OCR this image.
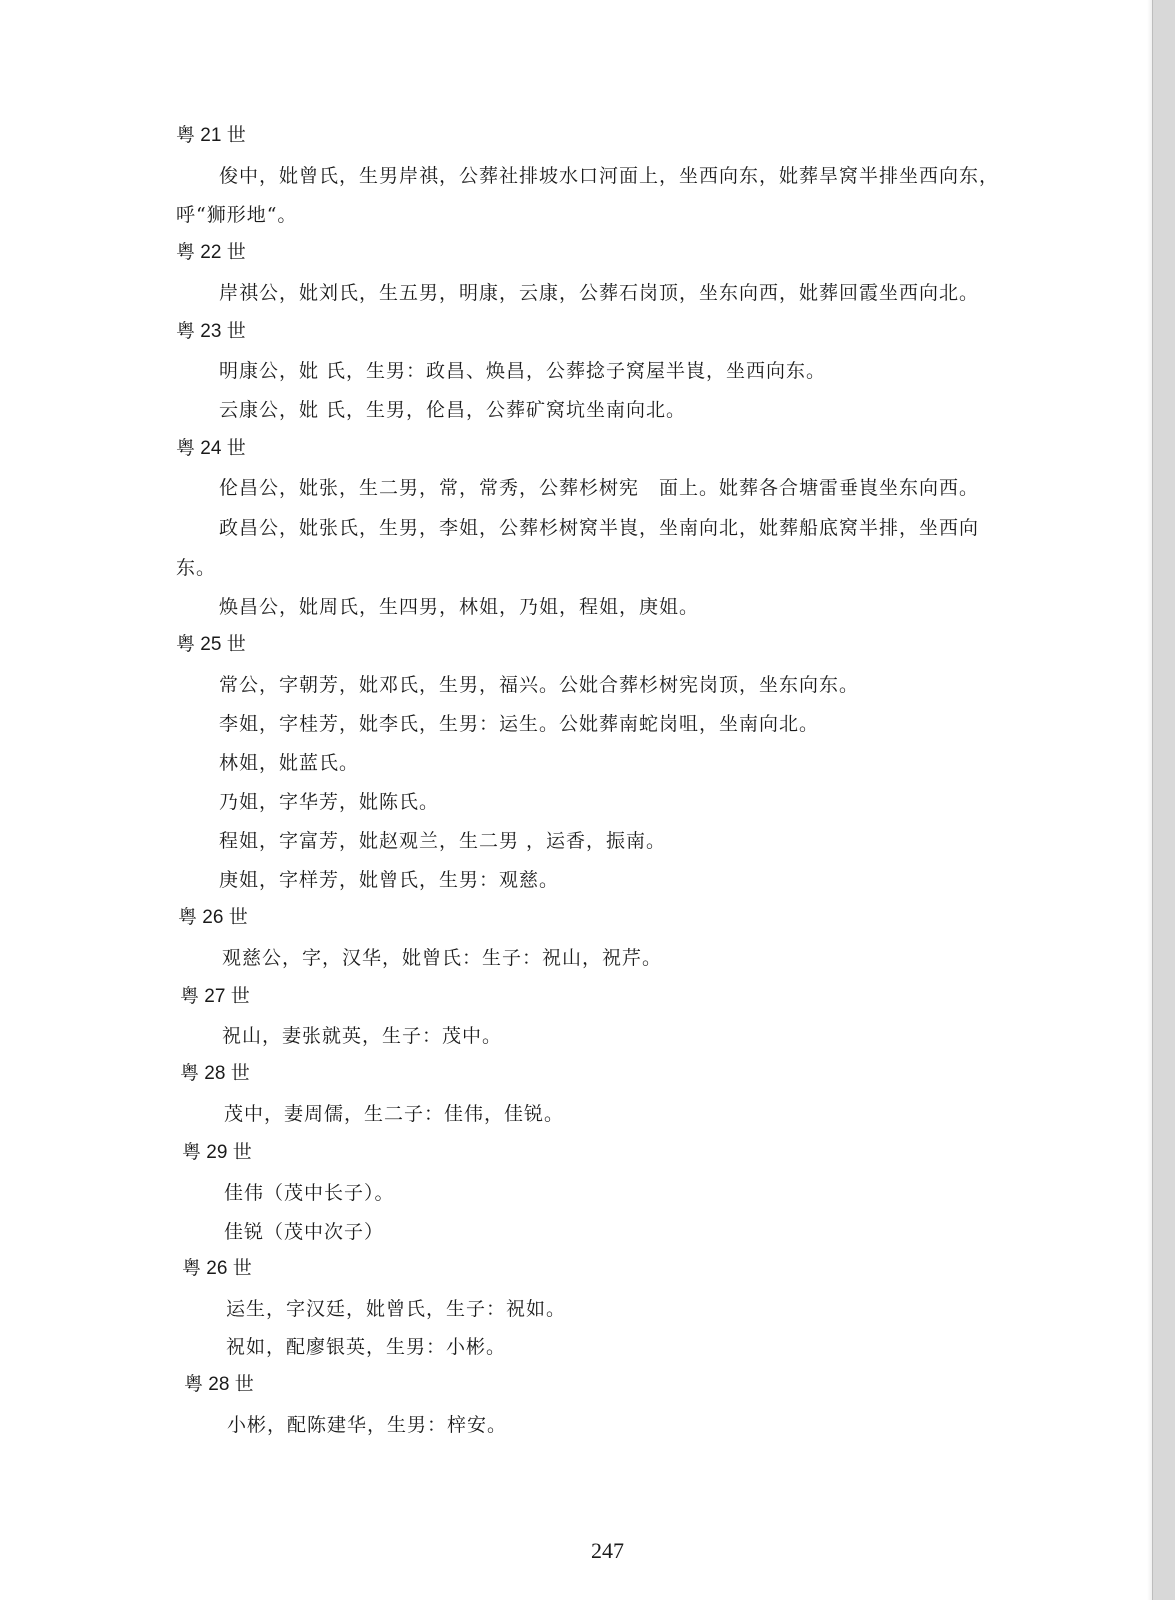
粤 21 世
俊中，妣曾氏，生男岸祺，公葬社排坡水口河面上，坐西向东，妣葬旱窝半排坐西向东，
呼“狮形地“。
粤 22 世
岸祺公，妣刘氏，生五男，明康，云康，公葬石岗顶，坐东向西，妣葬回霞坐西向北。
粤 23 世
明康公，妣 氏，生男：政昌、焕昌，公葬捻子窝屋半崀，坐西向东。
云康公，妣 氏，生男，伦昌，公葬矿窝坑坐南向北。
粤 24 世
伦昌公，妣张，生二男，常，常秀，公葬杉树宪　面上。妣葬各合塘雷垂崀坐东向西。
政昌公，妣张氏，生男，李姐，公葬杉树窝半崀，坐南向北，妣葬船底窝半排，坐西向
东。
焕昌公，妣周氏，生四男，林姐，乃姐，程姐，庚姐。
粤 25 世
常公，字朝芳，妣邓氏，生男，福兴。公妣合葬杉树宪岗顶，坐东向东。
李姐，字桂芳，妣李氏，生男：运生。公妣葬南蛇岗咀，坐南向北。
林姐，妣蓝氏。
乃姐，字华芳，妣陈氏。
程姐，字富芳，妣赵观兰，生二男 ，运香，振南。
庚姐，字样芳，妣曾氏，生男：观慈。
粤 26 世
观慈公，字，汉华，妣曾氏：生子：祝山，祝芹。
粤 27 世
祝山，妻张就英，生子：茂中。
粤 28 世
茂中，妻周儒，生二子：佳伟，佳锐。
粤 29 世
佳伟（茂中长子）。
佳锐（茂中次子）
粤 26 世
运生，字汉廷，妣曾氏，生子：祝如。
祝如，配廖银英，生男：小彬。
粤 28 世
小彬，配陈建华，生男：梓安。
247
